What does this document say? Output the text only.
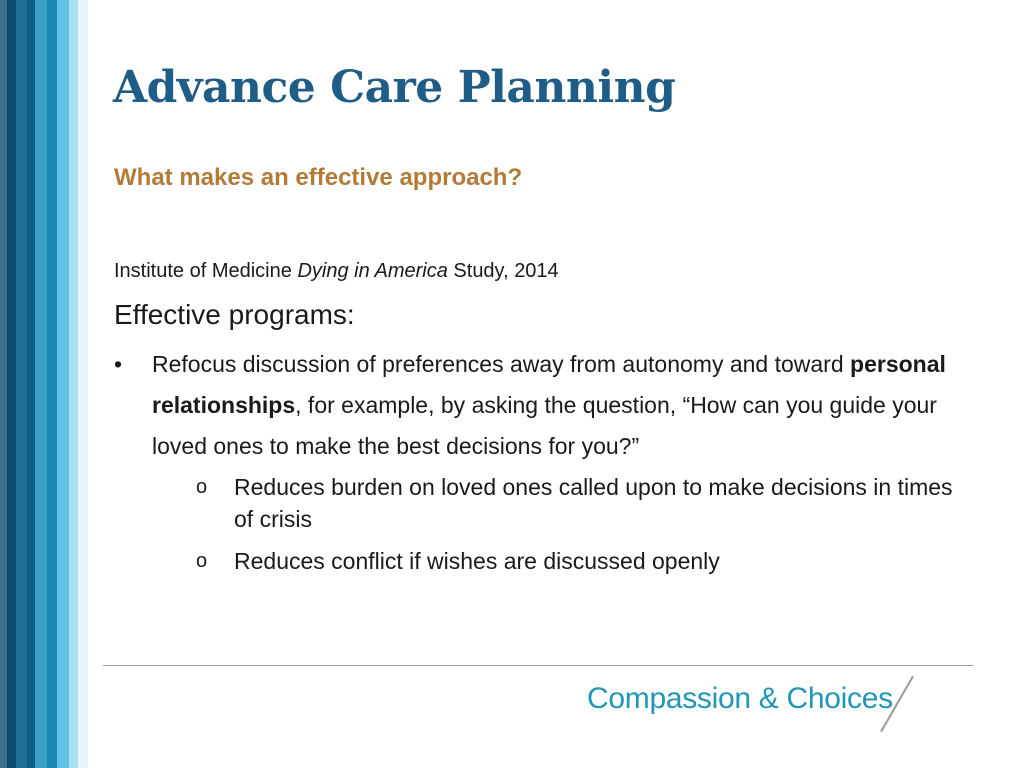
Advance Care Planning
What makes an effective approach?
Institute of Medicine Dying in America Study, 2014
Effective programs:
• Refocus discussion of preferences away from autonomy and toward personal relationships, for example, by asking the question, “How can you guide your loved ones to make the best decisions for you?”
o Reduces burden on loved ones called upon to make decisions in times of crisis
o Reduces conflict if wishes are discussed openly
Compassion & Choices
